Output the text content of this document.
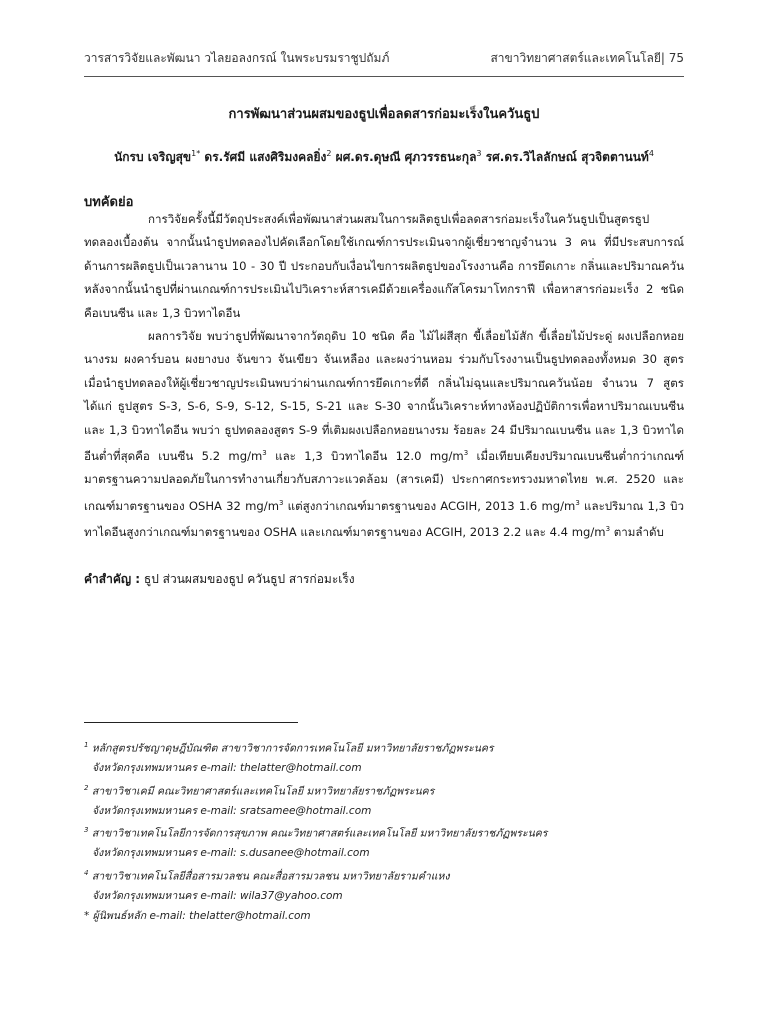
วารสารวิจัยและพัฒนา วไลยอลงกรณ์ ในพระบรมราชูปถัมภ์	สาขาวิทยาศาสตร์และเทคโนโลยี| 75
การพัฒนาส่วนผสมของธูปเพื่อลดสารก่อมะเร็งในควันธูป
นักรบ เจริญสุข$^{1*}$ ดร.รัศมี แสงศิริมงคลยิ่ง$^2$ ผศ.ดร.ดุษณี ศุภวรรธนะกุล$^3$ รศ.ดร.วิไลลักษณ์ สุวจิตตานนท์$^4$
บทคัดย่อ

การวิจัยครั้งนี้มีวัตถุประสงค์เพื่อพัฒนาส่วนผสมในการผลิตธูปเพื่อลดสารก่อมะเร็งในควันธูปเป็นสูตรธูปทดลองเบื้องต้น จากนั้นนำธูปทดลองไปคัดเลือกโดยใช้เกณฑ์การประเมินจากผู้เชี่ยวชาญจำนวน 3 คน ที่มีประสบการณ์ด้านการผลิตธูปเป็นเวลานาน 10 - 30 ปี ประกอบกับเงื่อนไขการผลิตธูปของโรงงานคือ การยึดเกาะ กลิ่นและปริมาณควัน หลังจากนั้นนำธูปที่ผ่านเกณฑ์การประเมินไปวิเคราะห์สารเคมีด้วยเครื่องแก๊สโครมาโทกราฟี เพื่อหาสารก่อมะเร็ง 2 ชนิด คือเบนซีน และ 1,3 บิวทาไดอีน

ผลการวิจัย พบว่าธูปที่พัฒนาจากวัตถุดิบ 10 ชนิด คือ ไม้ไผ่สีสุก ขี้เลื่อยไม้สัก ขี้เลื่อยไม้ประดู่ ผงเปลือกหอยนางรม ผงคาร์บอน ผงยางบง จันขาว จันเขียว จันเหลือง และผงว่านหอม ร่วมกับโรงงานเป็นธูปทดลองทั้งหมด 30 สูตร เมื่อนำธูปทดลองให้ผู้เชี่ยวชาญประเมินพบว่าผ่านเกณฑ์การยึดเกาะที่ดี กลิ่นไม่ฉุนและปริมาณควันน้อย จำนวน 7 สูตร ได้แก่ ธูปสูตร S-3, S-6, S-9, S-12, S-15, S-21 และ S-30 จากนั้นวิเคราะห์ทางห้องปฏิบัติการเพื่อหาปริมาณเบนซีน และ 1,3 บิวทาไดอีน พบว่า ธูปทดลองสูตร S-9 ที่เติมผงเปลือกหอยนางรม ร้อยละ 24 มีปริมาณเบนซีน และ 1,3 บิวทาไดอีนต่ำที่สุดคือ เบนซีน 5.2 $mg/m^3$ และ 1,3 บิวทาไดอีน 12.0 $mg/m^3$ เมื่อเทียบเคียงปริมาณเบนซีนต่ำกว่าเกณฑ์มาตรฐานความปลอดภัยในการทำงานเกี่ยวกับสภาวะแวดล้อม (สารเคมี) ประกาศกระทรวงมหาดไทย พ.ศ. 2520 และเกณฑ์มาตรฐานของ OSHA 32 $mg/m^3$ แต่สูงกว่าเกณฑ์มาตรฐานของ ACGIH, 2013 1.6 $mg/m^3$ และปริมาณ 1,3 บิวทาไดอีนสูงกว่าเกณฑ์มาตรฐานของ OSHA และเกณฑ์มาตรฐานของ ACGIH, 2013 2.2 และ 4.4 $mg/m^3$ ตามลำดับ

คำสำคัญ : ธูป ส่วนผสมของธูป ควันธูป สารก่อมะเร็ง
$^1$ หลักสูตรปรัชญาดุษฎีบัณฑิต สาขาวิชาการจัดการเทคโนโลยี มหาวิทยาลัยราชภัฏพระนคร
จังหวัดกรุงเทพมหานคร e-mail: thelatter@hotmail.com
$^2$ สาขาวิชาเคมี คณะวิทยาศาสตร์และเทคโนโลยี มหาวิทยาลัยราชภัฏพระนคร
จังหวัดกรุงเทพมหานคร e-mail: sratsamee@hotmail.com
$^3$ สาขาวิชาเทคโนโลยีการจัดการสุขภาพ คณะวิทยาศาสตร์และเทคโนโลยี มหาวิทยาลัยราชภัฏพระนคร
จังหวัดกรุงเทพมหานคร e-mail: s.dusanee@hotmail.com
$^4$ สาขาวิชาเทคโนโลยีสื่อสารมวลชน คณะสื่อสารมวลชน มหาวิทยาลัยรามคำแหง
จังหวัดกรุงเทพมหานคร e-mail: wila37@yahoo.com
* ผู้นิพนธ์หลัก e-mail: thelatter@hotmail.com
